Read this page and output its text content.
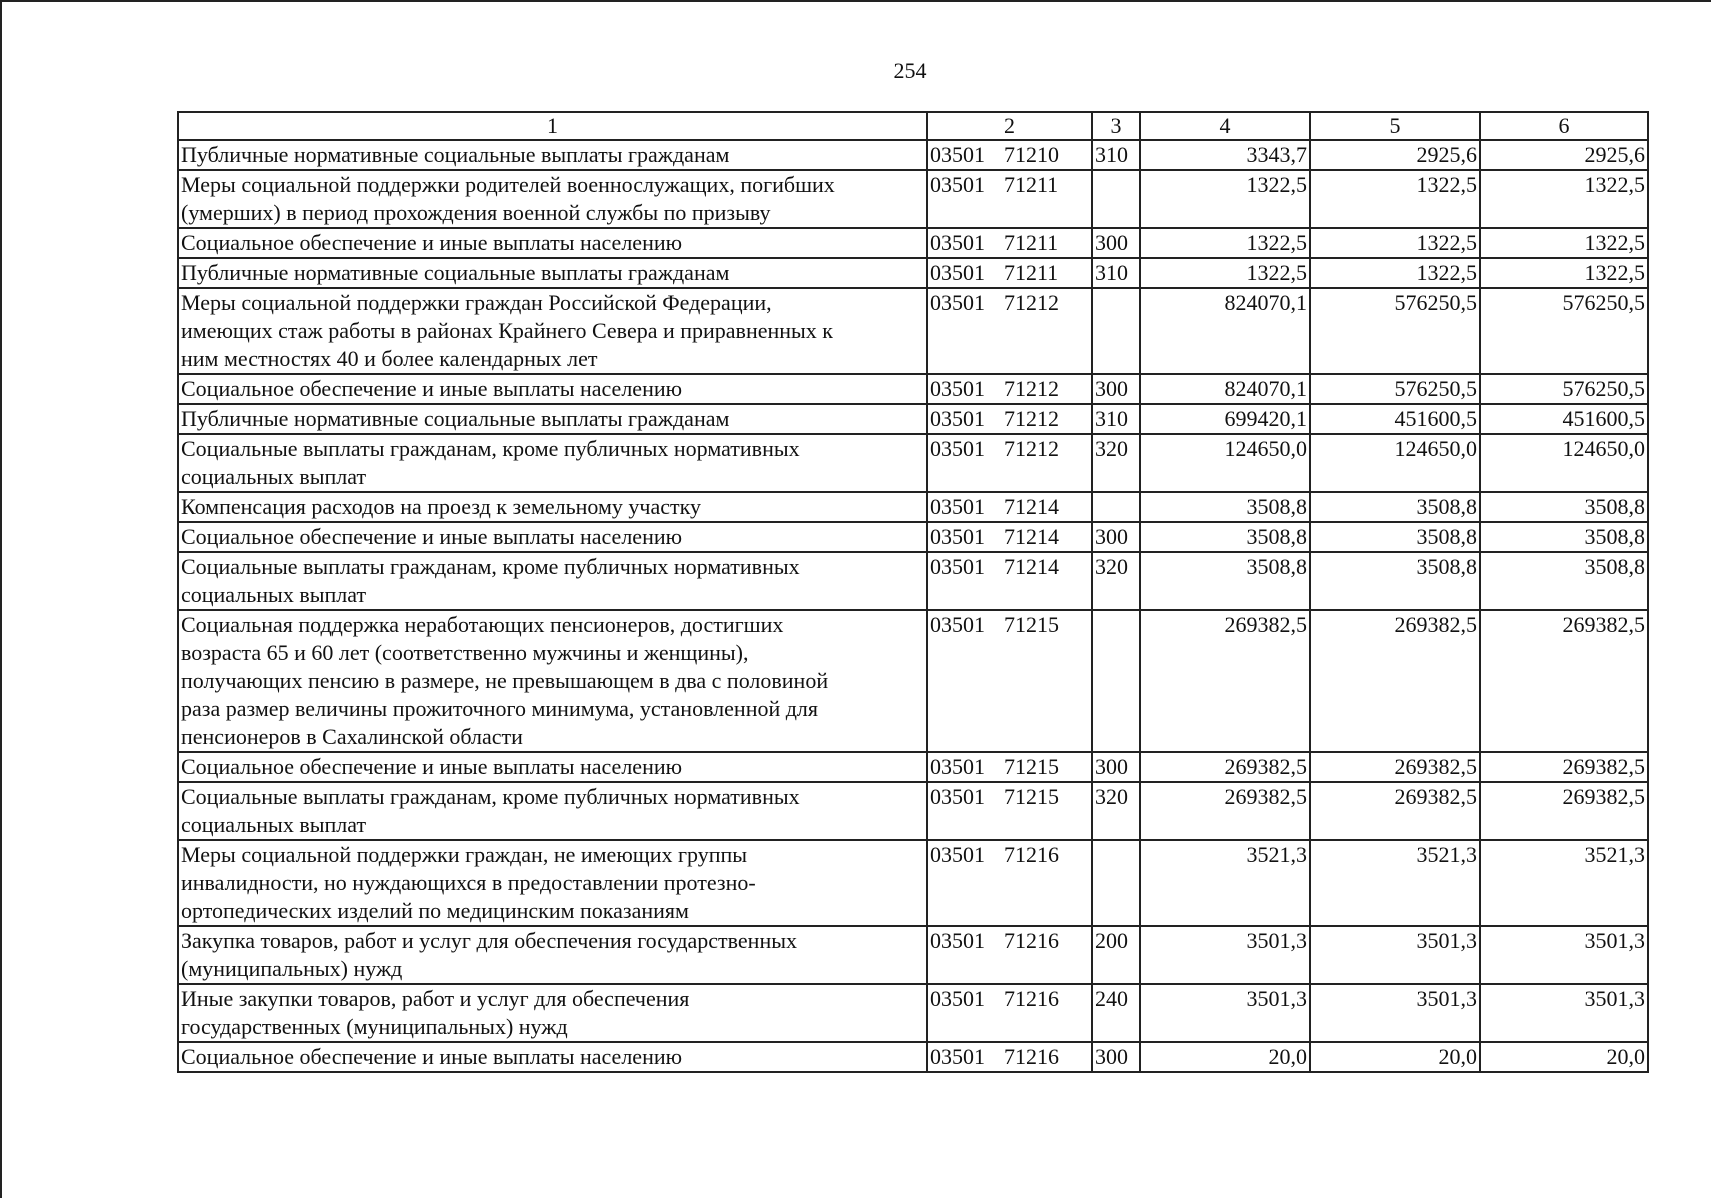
254
1	2	3	4	5	6
Публичные нормативные социальные выплаты гражданам	03501 71210	310	3343,7	2925,6	2925,6
Меры социальной поддержки родителей военнослужащих, погибших
(умерших) в период прохождения военной службы по призыву	03501 71211		1322,5	1322,5	1322,5
Социальное обеспечение и иные выплаты населению	03501 71211	300	1322,5	1322,5	1322,5
Публичные нормативные социальные выплаты гражданам	03501 71211	310	1322,5	1322,5	1322,5
Меры социальной поддержки граждан Российской Федерации,
имеющих стаж работы в районах Крайнего Севера и приравненных к
ним местностях 40 и более календарных лет	03501 71212		824070,1	576250,5	576250,5
Социальное обеспечение и иные выплаты населению	03501 71212	300	824070,1	576250,5	576250,5
Публичные нормативные социальные выплаты гражданам	03501 71212	310	699420,1	451600,5	451600,5
Социальные выплаты гражданам, кроме публичных нормативных
социальных выплат	03501 71212	320	124650,0	124650,0	124650,0
Компенсация расходов на проезд к земельному участку	03501 71214		3508,8	3508,8	3508,8
Социальное обеспечение и иные выплаты населению	03501 71214	300	3508,8	3508,8	3508,8
Социальные выплаты гражданам, кроме публичных нормативных
социальных выплат	03501 71214	320	3508,8	3508,8	3508,8
Социальная поддержка неработающих пенсионеров, достигших
возраста 65 и 60 лет (соответственно мужчины и женщины),
получающих пенсию в размере, не превышающем в два с половиной
раза размер величины прожиточного минимума, установленной для
пенсионеров в Сахалинской области	03501 71215		269382,5	269382,5	269382,5
Социальное обеспечение и иные выплаты населению	03501 71215	300	269382,5	269382,5	269382,5
Социальные выплаты гражданам, кроме публичных нормативных
социальных выплат	03501 71215	320	269382,5	269382,5	269382,5
Меры социальной поддержки граждан, не имеющих группы
инвалидности, но нуждающихся в предоставлении протезно-
ортопедических изделий по медицинским показаниям	03501 71216		3521,3	3521,3	3521,3
Закупка товаров, работ и услуг для обеспечения государственных
(муниципальных) нужд	03501 71216	200	3501,3	3501,3	3501,3
Иные закупки товаров, работ и услуг для обеспечения
государственных (муниципальных) нужд	03501 71216	240	3501,3	3501,3	3501,3
Социальное обеспечение и иные выплаты населению	03501 71216	300	20,0	20,0	20,0
